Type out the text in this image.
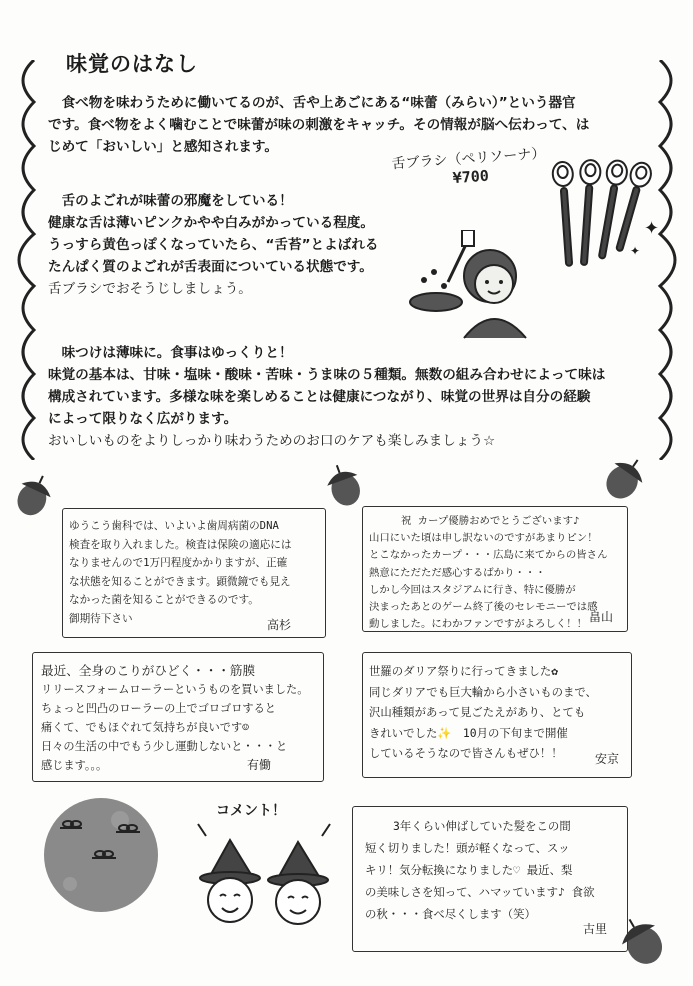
味覚のはなし

　食べ物を味わうために働いてるのが、舌や上あごにある“味蕾（みらい）”という器官

です。食べ物をよく噛むことで味蕾が味の刺激をキャッチ。その情報が脳へ伝わって、は

じめて「おいしい」と感知されます。

　舌のよごれが味蕾の邪魔をしている！

健康な舌は薄いピンクかやや白みがかっている程度。

うっすら黄色っぽくなっていたら、“舌苔”とよばれる

たんぱく質のよごれが舌表面についている状態です。

舌ブラシでおそうじしましょう。

舌ブラシ（ペリソーナ）
¥700
✦
✦

　味つけは薄味に。食事はゆっくりと！

味覚の基本は、甘味・塩味・酸味・苦味・うま味の５種類。無数の組み合わせによって味は

構成されています。多様な味を楽しめることは健康につながり、味覚の世界は自分の経験

によって限りなく広がります。

おいしいものをよりしっかり味わうためのお口のケアも楽しみましょう☆

ゆうこう歯科では、いよいよ歯周病菌のDNA

検査を取り入れました。検査は保険の適応には

なりませんので1万円程度かかりますが、正確

な状態を知ることができます。顕微鏡でも見え

なかった菌を知ることができるのです。

御期待下さい	高杉

祝 カープ優勝おめでとうございます♪

山口にいた頃は申し訳ないのですがあまりピン！

とこなかったカープ・・・広島に来てからの皆さん

熱意にただただ感心するばかり・・・

しかし今回はスタジアムに行き、特に優勝が

決まったあとのゲーム終了後のセレモニーでは感

動しました。にわかファンですがよろしく！！

畠山

最近、全身のこりがひどく・・・筋膜

リリースフォームローラーというものを買いました。

ちょっと凹凸のローラーの上でゴロゴロすると

痛くて、でもほぐれて気持ちが良いです☺

日々の生活の中でもう少し運動しないと・・・と

感じます。。。	有働

世羅のダリア祭りに行ってきました✿

同じダリアでも巨大輪から小さいものまで、

沢山種類があって見ごたえがあり、とても

きれいでした✨　10月の下旬まで開催

しているそうなので皆さんもぜひ！！	安京
コメント！

3年くらい伸ばしていた髪をこの間

短く切りました！頭が軽くなって、スッ

キリ！気分転換になりました♡ 最近、梨

の美味しさを知って、ハマッています♪ 食欲

の秋・・・食べ尽くします（笑）

古里
